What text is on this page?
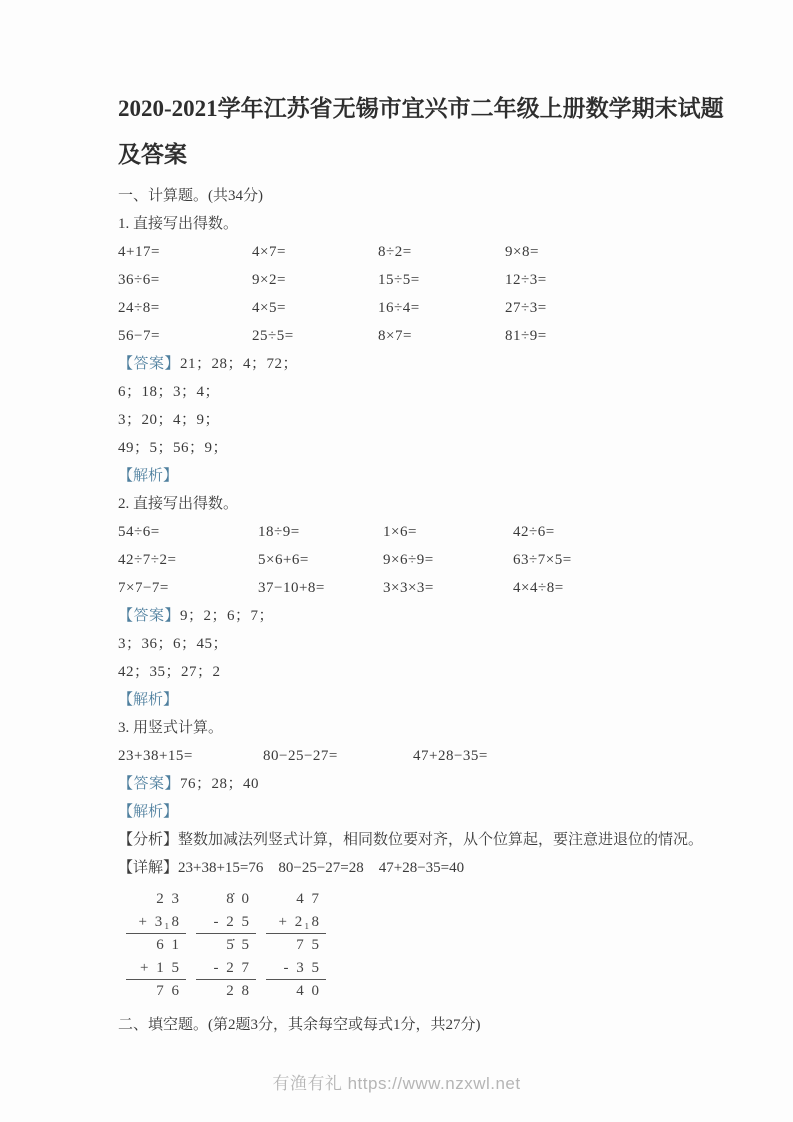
2020-2021学年江苏省无锡市宜兴市二年级上册数学期末试题及答案
一、计算题。(共34分)
1. 直接写出得数。
4+17=	4×7=	8÷2=	9×8=
36÷6=	9×2=	15÷5=	12÷3=
24÷8=	4×5=	16÷4=	27÷3=
56−7=	25÷5=	8×7=	81÷9=
【答案】21；28；4；72；
6；18；3；4；
3；20；4；9；
49；5；56；9；
【解析】
2. 直接写出得数。
54÷6=	18÷9=	1×6=	42÷6=
42÷7÷2=	5×6+6=	9×6÷9=	63÷7×5=
7×7−7=	37−10+8=	3×3×3=	4×4÷8=
【答案】9；2；6；7；
3；36；6；45；
42；35；27；2
【解析】
3. 用竖式计算。
23+38+15=	80−25−27=	47+28−35=
【答案】76；28；40
【解析】
【分析】整数加减法列竖式计算，相同数位要对齐，从个位算起，要注意进退位的情况。
【详解】23+38+15=76　80−25−27=28　47+28−35=40
2 3
+ 3₁8
6 1
+ 1 5
7 6
8̇ 0
- 2 5
5̇ 5
- 2 7
2 8
4 7
+ 2₁8
7 5
- 3 5
4 0
二、填空题。(第2题3分，其余每空或每式1分，共27分)
有渔有礼 https://www.nzxwl.net
